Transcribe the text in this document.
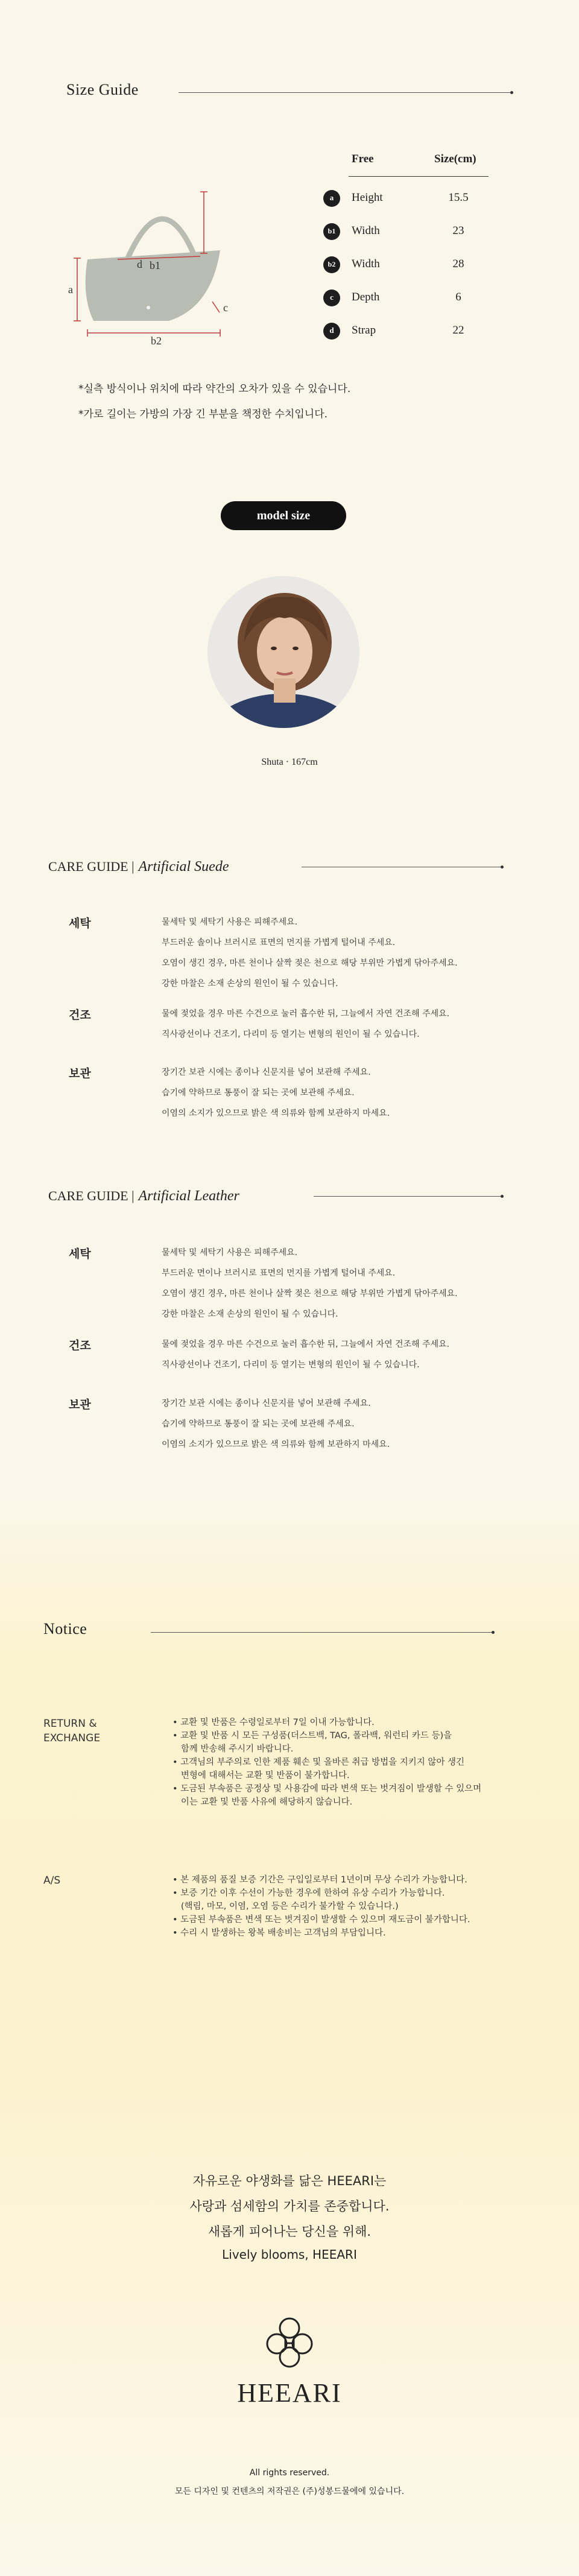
Size Guide
d b1
a
b2
c
Free	Size(cm)
a	Height	15.5
b1	Width	23
b2	Width	28
c	Depth	6
d	Strap	22
*실측 방식이나 위치에 따라 약간의 오차가 있을 수 있습니다.
*가로 길이는 가방의 가장 긴 부분을 책정한 수치입니다.
model size
Shuta · 167cm
CARE GUIDE | Artificial Suede
세탁	물세탁 및 세탁기 사용은 피해주세요.
부드러운 솔이나 브러시로 표면의 먼지를 가볍게 털어내 주세요.
오염이 생긴 경우, 마른 천이나 살짝 젖은 천으로 해당 부위만 가볍게 닦아주세요.
강한 마찰은 소재 손상의 원인이 될 수 있습니다.
건조	물에 젖었을 경우 마른 수건으로 눌러 흡수한 뒤, 그늘에서 자연 건조해 주세요.
직사광선이나 건조기, 다리미 등 열기는 변형의 원인이 될 수 있습니다.
보관	장기간 보관 시에는 종이나 신문지를 넣어 보관해 주세요.
습기에 약하므로 통풍이 잘 되는 곳에 보관해 주세요.
이염의 소지가 있으므로 밝은 색 의류와 함께 보관하지 마세요.
CARE GUIDE | Artificial Leather
세탁	물세탁 및 세탁기 사용은 피해주세요.
부드러운 면이나 브러시로 표면의 먼지를 가볍게 털어내 주세요.
오염이 생긴 경우, 마른 천이나 살짝 젖은 천으로 해당 부위만 가볍게 닦아주세요.
강한 마찰은 소재 손상의 원인이 될 수 있습니다.
건조	물에 젖었을 경우 마른 수건으로 눌러 흡수한 뒤, 그늘에서 자연 건조해 주세요.
직사광선이나 건조기, 다리미 등 열기는 변형의 원인이 될 수 있습니다.
보관	장기간 보관 시에는 종이나 신문지를 넣어 보관해 주세요.
습기에 약하므로 통풍이 잘 되는 곳에 보관해 주세요.
이염의 소지가 있으므로 밝은 색 의류와 함께 보관하지 마세요.
Notice
RETURN &
EXCHANGE
• 교환 및 반품은 수령일로부터 7일 이내 가능합니다.
• 교환 및 반품 시 모든 구성품(더스트백, TAG, 폴라백, 워런티 카드 등)을
함께 반송해 주시기 바랍니다.
• 고객님의 부주의로 인한 제품 훼손 및 올바른 취급 방법을 지키지 않아 생긴
변형에 대해서는 교환 및 반품이 불가합니다.
• 도금된 부속품은 공정상 및 사용감에 따라 변색 또는 벗겨짐이 발생할 수 있으며
이는 교환 및 반품 사유에 해당하지 않습니다.
A/S	• 본 제품의 품질 보증 기간은 구입일로부터 1년이며 무상 수리가 가능합니다.
• 보증 기간 이후 수선이 가능한 경우에 한하여 유상 수리가 가능합니다.
(핵림, 마모, 이염, 오염 등은 수리가 불가할 수 있습니다.)
• 도금된 부속품은 변색 또는 벗겨짐이 발생할 수 있으며 재도금이 불가합니다.
• 수리 시 발생하는 왕복 배송비는 고객님의 부담입니다.
자유로운 야생화를 닮은 HEEARI는
사랑과 섬세함의 가치를 존중합니다.
새롭게 피어나는 당신을 위해.
Lively blooms, HEEARI
HEEARI
All rights reserved.
모든 디자인 및 컨텐츠의 저작권은 (주)성봉드물에에 있습니다.
